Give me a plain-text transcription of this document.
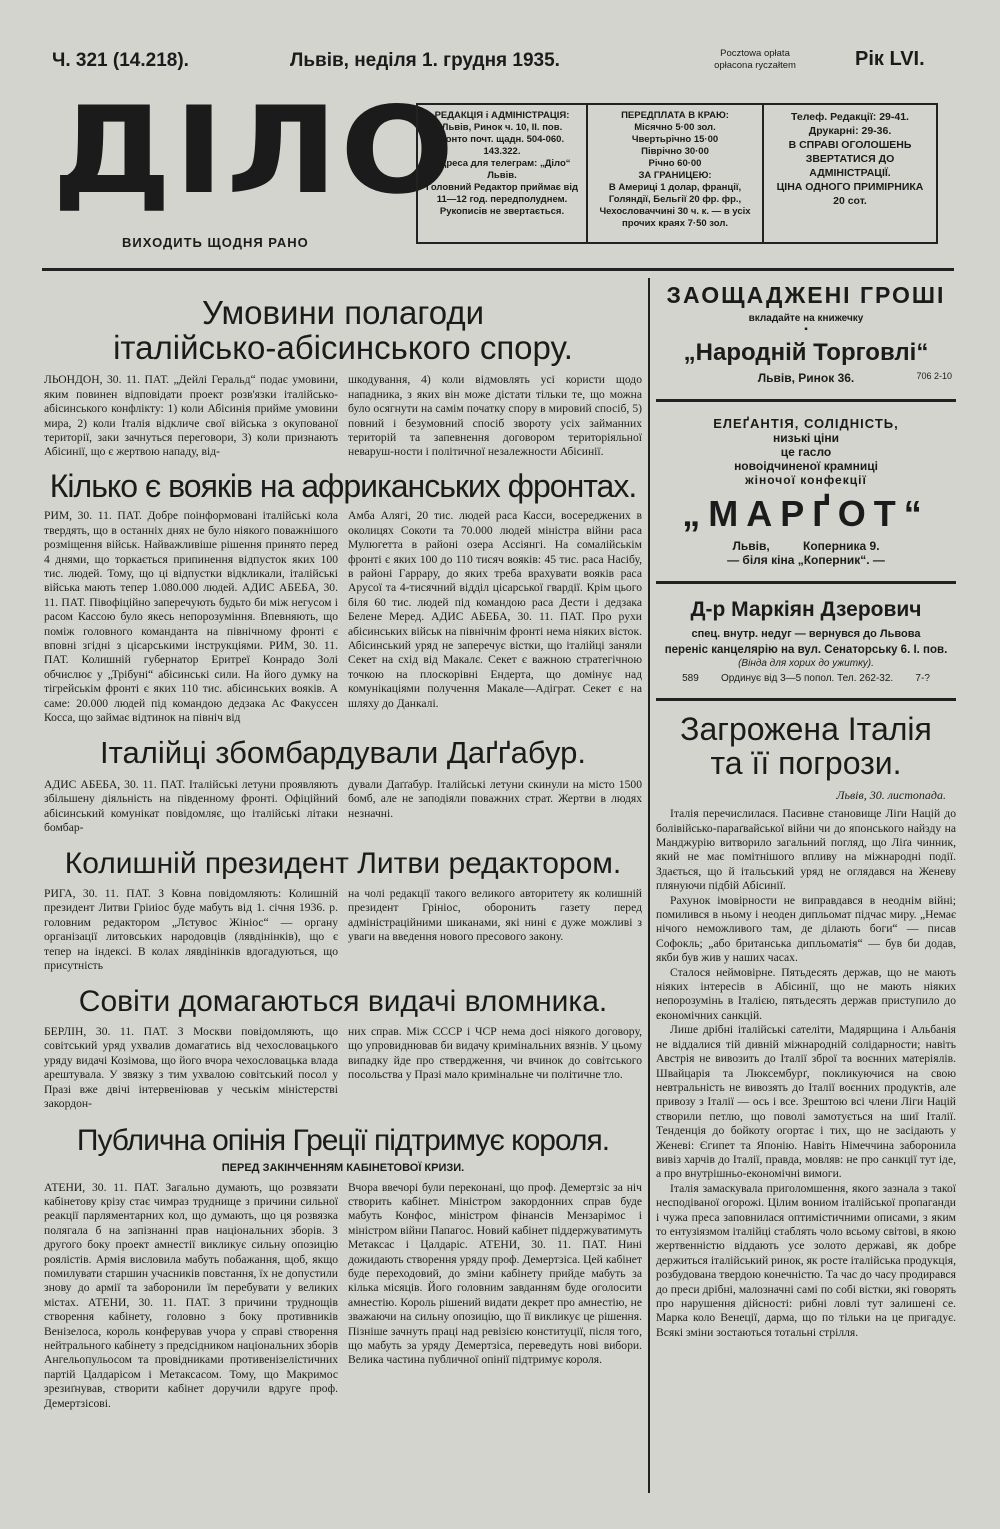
Ч. 321 (14.218).	Львів, неділя 1. грудня 1935.	Pocztowa opłata
opłacona ryczałtem	Рік LVI.
ДІЛО
ВИХОДИТЬ ЩОДНЯ РАНО
РЕДАКЦІЯ і АДМІНІСТРАЦІЯ:
Львів, Ринок ч. 10, II. пов.
Конто почт. щадн. 504-060. 143.322.
Адреса для телеграм: „Діло“ Львів.
Головний Редактор приймає від 11—12 год. передполуднем.
Рукописів не звертається.
ПЕРЕДПЛАТА В КРАЮ:
Місячно 5·00 зол.
Чвертьрічно 15·00
Піврічно 30·00
Річно 60·00
ЗА ГРАНИЦЕЮ:
В Америці 1 долар, франції, Голяндії, Бельгії 20 фр. фр., Чехословаччині 30 ч. к. — в усіх прочих краях 7·50 зол.
Телеф. Редакції: 29-41.
Друкарні: 29-36.
В СПРАВІ ОГОЛОШЕНЬ ЗВЕРТАТИСЯ ДО АДМІНІСТРАЦІЇ.
ЦІНА ОДНОГО ПРИМІРНИКА
20 сот.
Умовини полагоди
італійсько-абісинського спору.

ЛЬОНДОН, 30. 11. ПАТ. „Дейлі Геральд“ подає умовини, яким повинен відповідати проект розв'язки італійсько-абісинського конфлікту: 1) коли Абісинія прийме умовини мира, 2) коли Італія відкличе свої війська з окупованої території, заки зачнуться переговори, 3) коли признають Абісинії, що є жертвою нападу, від-

шкодування, 4) коли відмовлять усі користи щодо нападника, з яких він може дістати тільки те, що можна було осягнути на самім початку спору в мировий спосіб, 5) повний і безумовний спосіб звороту усіх займанних територій та запевнення договором територіяльної неваруш-ности і політичної незалежности Абісинії.

Кілько є вояків на африканських фронтах.

РИМ, 30. 11. ПАТ. Добре поінформовані італійські кола твердять, що в останніх днях не було ніякого поважнішого розміщення військ. Найважливіше рішення принято перед 4 днями, що торкається припинення відпусток яких 100 тис. людей. Тому, що ці відпустки відкликали, італійські війська мають тепер 1.080.000 людей. АДИС АБЕБА, 30. 11. ПАТ. Півофіційно заперечують будьто би між негусом і расом Кассою було якесь непорозуміння. Впевняють, що поміж головного команданта на північному фронті є вповні згідні з цісарськими інструкціями. РИМ, 30. 11. ПАТ. Колишній губернатор Еритреї Конрадо Золі обчислює у „Трібуні“ абісинські сили. На його думку на тігрейськім фронті є яких 110 тис. абісинських вояків. А саме: 20.000 людей під командою дедзака Ас Факуссен Коcса, що займає відтинок на північ від

Амба Алягі, 20 тис. людей раса Касси, восереджених в околицях Сокоти та 70.000 людей міністра війни раса Мулюгетта в районі озера Ассіянгі. На сомалійськім фронті є яких 100 до 110 тисяч вояків: 45 тис. раса Насібу, в районі Гаррару, до яких треба врахувати вояків раса Арусої та 4-тисячний відділ цісарської гвардії. Крім цього біля 60 тис. людей під командою раса Дести і дедзака Белене Мерeд. АДИС АБЕБА, 30. 11. ПАТ. Про рухи абісинських військ на північнім фронті нема ніяких вісток. Абісинський уряд не заперечує вістки, що італійці заняли Секет на схід від Макалє. Секет є важною стратегічною точкою на плоскорівні Ендерта, що домінує над комунікаціями получення Макале—Адіграт. Секет є на шляху до Данкалі.

Італійці збомбардували Даґґабур.

АДИС АБЕБА, 30. 11. ПАТ. Італійські летуни проявляють збільшену діяльність на південному фронті. Офіційний абісинський комунікат повідомляє, що італійські літаки бомбар-

дували Даґґабур. Італійські летуни скинули на місто 1500 бомб, але не заподіяли поважних страт. Жертви в людях незначні.

Колишній президент Литви редактором.

РИГА, 30. 11. ПАТ. З Ковна повідомляють: Колишній президент Литви Гріиіос буде мабуть від 1. січня 1936. р. головним редактором „Лєтувос Жініос“ — органу організації литовських народовців (лявдінінків), що є тепер на індексі. В колах лявдінінків вдогадуються, що присутність

на чолі редакції такого великого авторитету як колишній президент Грініос, оборонить газету перед адміністраційними шиканами, які нині є дуже можливі з уваги на введення нового пресового закону.

Совіти домагаються видачі вломника.

БЕРЛІН, 30. 11. ПАТ. З Москви повідомляють, що совітський уряд ухвалив домагатись від чехословацького уряду видачі Козімова, що його вчора чехословацька влада арештувала. У звязку з тим ухвалою совітський посол у Празі вже двічі інтервеніював у чеськім міністерстві закордон-

них справ. Між СССР і ЧСР нема досі ніякого договору, що упровиднював би видачу кримінальних вязнів. У цьому випадку йде про ствердження, чи вчинок до совітського посольства у Празі мало кримінальне чи політичне тло.

Публична опінія Греції підтримує короля.
ПЕРЕД ЗАКІНЧЕННЯМ КАБІНЕТОВОЇ КРИЗИ.

АТЕНИ, 30. 11. ПАТ. Загально думають, що розвязати кабінетову крізу стає чимраз труднище з причини сильної реакції парляментарних кол, що думають, що ця розвязка полягала б на запізнанні прав національних зборів. З другого боку проект амнестії викликує сильну опозицію роялістів. Армія висловила мабуть побажання, щоб, якщо помилувати старшин учасників повстання, їх не допустили знову до армії та заборонили їм перебувати у великих містах. АТЕНИ, 30. 11. ПАТ. З причини труднощів створення кабінету, головно з боку противників Венізелоса, король конферував учора у справі створення нейтрального кабінету з предсідником національних зборів Ангельопульосом та провідниками противенізелістичних партій Цалдарісом і Метаксасом. Тому, що Макримос зрезиґнував, створити кабінет доручили вдруге проф. Демертзісові.

Вчора ввечорі були переконані, що проф. Демертзіс за ніч створить кабінет. Міністром закордонних справ буде мабуть Конфос, міністром фінансів Мензарімос і міністром війни Папагос. Новий кабінет піддержуватимуть Метаксас і Цалдаріс. АТЕНИ, 30. 11. ПАТ. Нині дожидають створення уряду проф. Демертзіса. Цей кабінет буде переходовий, до зміни кабінету прийде мабуть за кілька місяців. Його головним завданням буде оголосити амнестію. Король рішений видати декрет про амнестію, не зважаючи на сильну опозицію, що її викликує це рішення. Пізніше зачнуть праці над ревізією конституції, після того, що мабуть за уряду Демертзіса, переведуть нові вибори. Велика частина публичної опінії підтримує короля.

ЗАОЩАДЖЕНІ ГРОШІ
вкладайте на книжечку
▪
„Народній Торговлі“
Львів, Ринок 36.	706 2-10
ЕЛЕҐАНТІЯ, СОЛІДНІСТЬ,
низькі ціни
це гасло
новоідчиненої крамниці
жіночої конфекції
„МАРҐОТ“
Львів,          Коперника 9.
— біля кіна „Коперник“. —
Д-р Маркіян Дзерович
спец. внутр. недуг — вернувся до Львова
переніс канцелярію на вул. Сенаторську 6. І. пов.
(Вінда для хорих до ужитку).
589        Ординує від 3—5 попол. Тел. 262-32.        7-?
Загрожена Італія
та її погрози.
Львів, 30. листопада.

Італія перечислилася. Пасивне становище Ліґи Націй до болівійсько-параґвайської війни чи до японського найзду на Манджурію витворило загальний погляд, що Ліґа чинник, який не має помітнішого впливу на міжнародні події. Здається, що й італьський уряд не оглядався на Женеву плянуючи підбій Абісинії.

Рахунок імовірности не виправдався в неоднім війні; помилився в ньому і неоден дипльомат підчас миру. „Немає нічого неможливого там, де ділають боги“ — писав Софокль; „або британська дипльоматія“ — був би додав, якби був жив у наших часах.

Сталося неймовірне. Пятьдесять держав, що не мають ніяких інтересів в Абісинії, що не мають ніяких непорозумінь в Італією, пятьдесять держав приступило до економічних санкцій.

Лише дрібні італійські сателіти, Мадярщина і Альбанія не віддалися тій дивній міжнародній солідарности; навіть Австрія не вивозить до Італії зброї та воєнних матеріялів. Швайцарія та Люксембурґ, покликуючися на свою невтральність не вивозять до Італії воєнних продуктів, але привозу з Італії — ось і все. Зрештою всі члени Ліги Націй створили петлю, що поволі замотується на шиї Італії. Тенденція до бойкоту огортає і тих, що не засідають у Женеві: Єгипет та Японію. Навіть Німеччина заборонила вивіз харчів до Італії, правда, мовляв: не про санкції тут іде, а про внутрішньо-економічні вимоги.

Італія замаскувала приголомшення, якого зазнала з такої несподіваної огорожі. Цілим вониом італійської пропаганди і чужа преса заповнилася оптимістичними описами, з яким то ентузіязмом італійці стаблять чоло всьому світові, в якою жертвенністю віддають усе золото державі, як добре держиться італійський ринок, як росте італійська продукція, розбудована твердою конечністю. Та час до часу продирався до преси дрібні, малозначні самі по собі вістки, які говорять про нарушення дійсності: рибні ловлі тут залишені се. Марка коло Венеції, дарма, що по тільки на це пригадує. Всякі зміни зостаються тотальні стрілля.
